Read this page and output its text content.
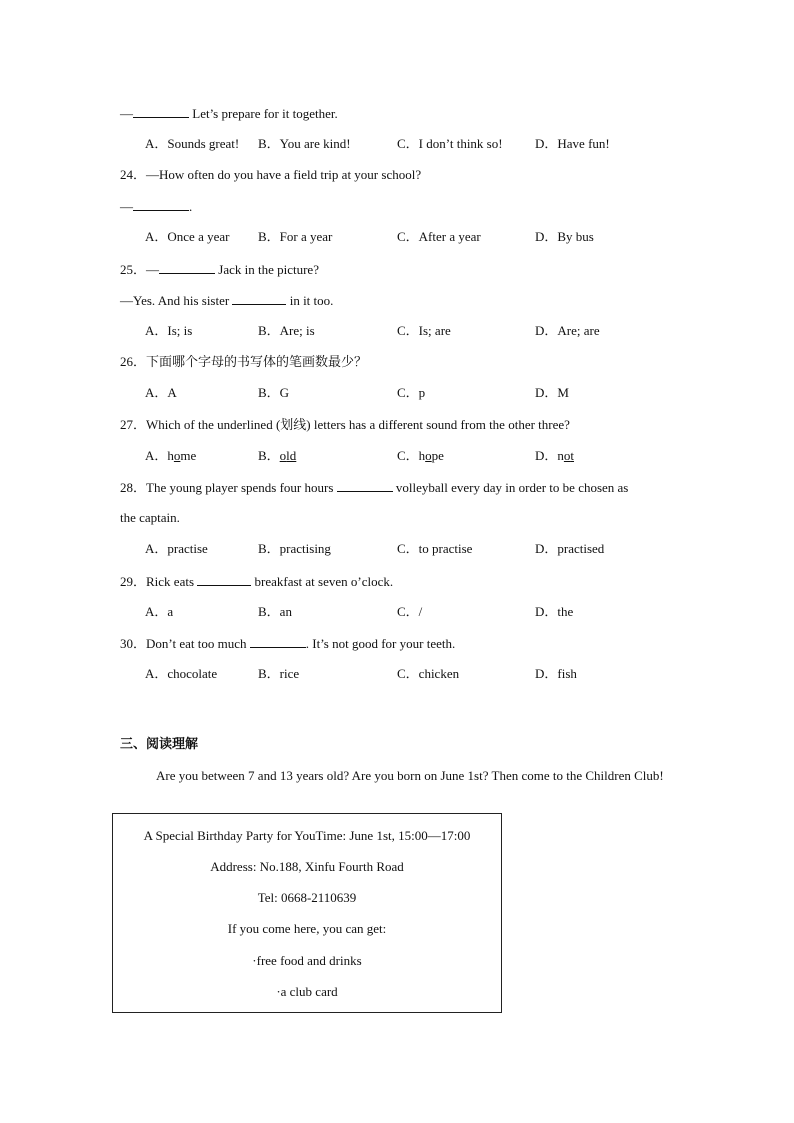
—	Let’s prepare for it together.
A．Sounds great! B．You are kind!	C．I don’t think so! D．Have fun!
24．—How often do you have a field trip at your school?
—	.
A．Once a year B．For a year	C．After a year	D．By bus
25．—	Jack in the picture?
—Yes. And his sister	in it too.
A．Is; is	B．Are; is	C．Is; are	D．Are; are
26．下面哪个字母的书写体的笔画数最少？
A．A	B．G	C．p	D．M
27．Which of the underlined (划线) letters has a different sound from the other three?
A．home	B．old	C．hope	D．not
28．The young player spends four hours	volleyball every day in order to be chosen as
the captain.
A．practise	B．practising	C．to practise	D．practised
29．Rick eats	breakfast at seven o’clock.
A．a	B．an	C．/	D．the
30．Don’t eat too much	. It’s not good for your teeth.
A．chocolate	B．rice	C．chicken	D．fish
三、阅读理解
Are you between 7 and 13 years old? Are you born on June 1st? Then come to the Children Club!
A Special Birthday Party for YouTime: June 1st, 15:00—17:00
Address: No.188, Xinfu Fourth Road
Tel: 0668-2110639
If you come here, you can get:
·free food and drinks
·a club card
